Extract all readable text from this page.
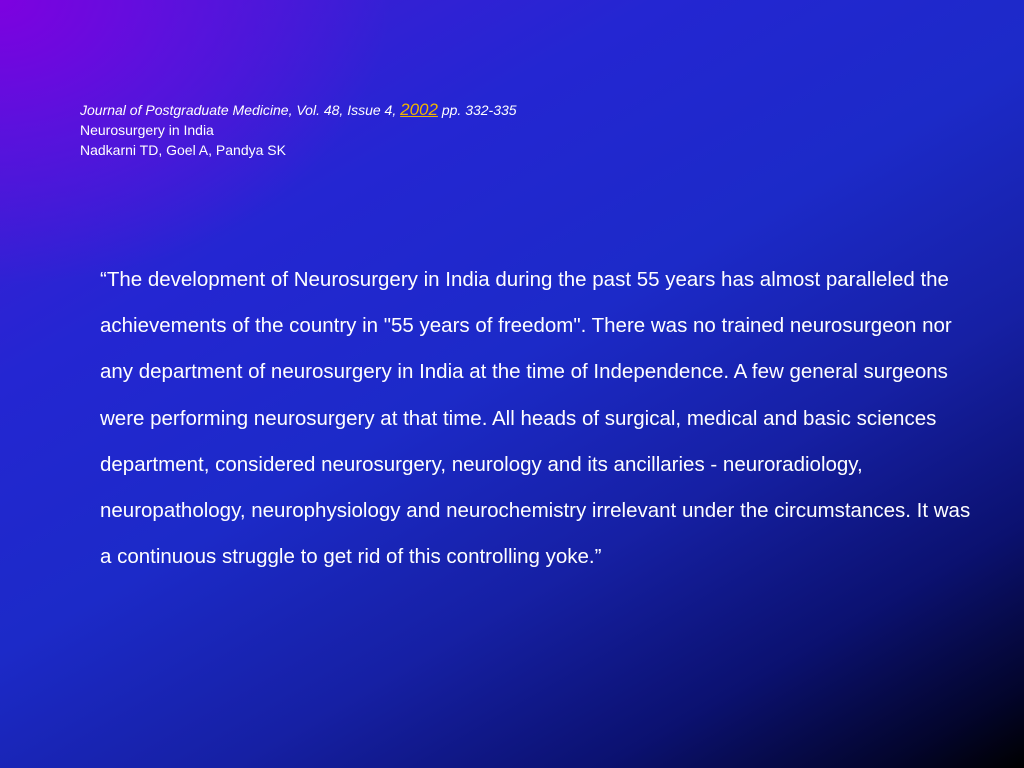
Journal of Postgraduate Medicine, Vol. 48, Issue 4, 2002 pp. 332-335
Neurosurgery in India
Nadkarni TD, Goel A, Pandya SK

“The development of Neurosurgery in India during the past 55 years has almost paralleled the achievements of the country in "55 years of freedom". There was no trained neurosurgeon nor any department of neurosurgery in India at the time of Independence. A few general surgeons were performing neurosurgery at that time. All heads of surgical, medical and basic sciences department, considered neurosurgery, neurology and its ancillaries - neuroradiology, neuropathology, neurophysiology and neurochemistry irrelevant under the circumstances. It was a continuous struggle to get rid of this controlling yoke.”
